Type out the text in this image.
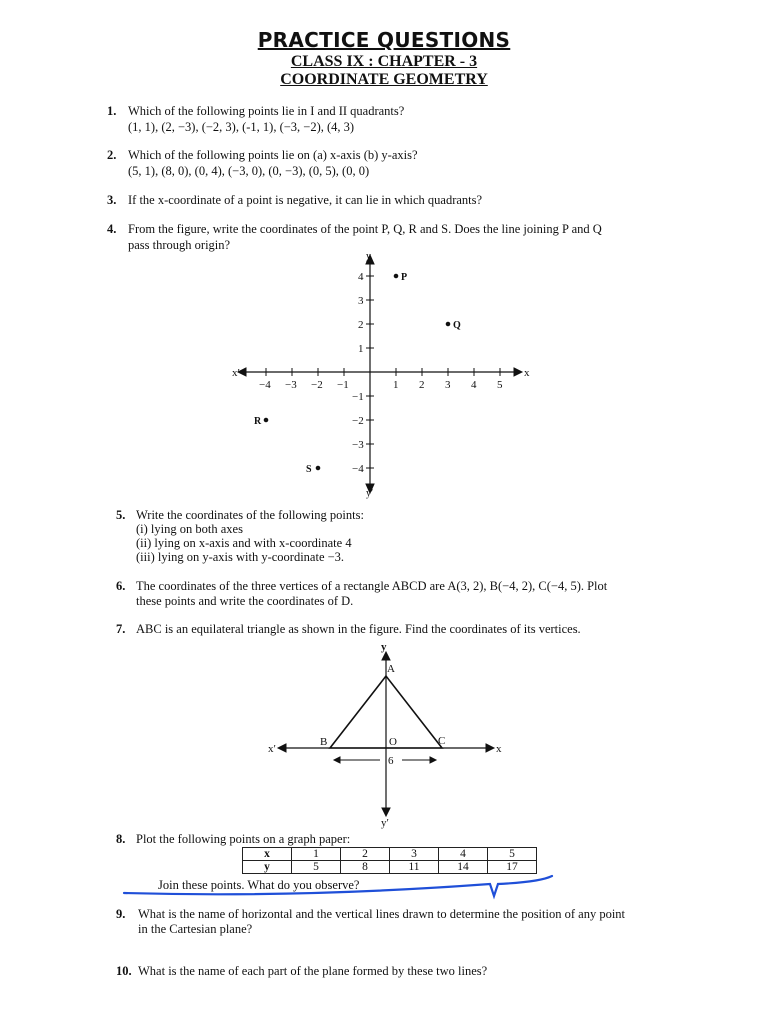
PRACTICE QUESTIONS
CLASS IX : CHAPTER - 3
COORDINATE GEOMETRY
1. Which of the following points lie in I and II quadrants?
(1, 1), (2, −3), (−2, 3), (-1, 1), (−3, −2), (4, 3)
2. Which of the following points lie on (a) x-axis (b) y-axis?
(5, 1), (8, 0), (0, 4), (−3, 0), (0, −3), (0, 5), (0, 0)
3. If the x-coordinate of a point is negative, it can lie in which quadrants?
4. From the figure, write the coordinates of the point P, Q, R and S. Does the line joining P and Q
pass through origin?
−4 −3 −2 −1	1 2 3 4 5
4
3
2
1
−1
−2
−3
−4
P
Q
R
S
x
x′
y
y′
A
B	C
O
6
x
x′
y
y′
5. Write the coordinates of the following points:
(i) lying on both axes
(ii) lying on x-axis and with x-coordinate 4
(iii) lying on y-axis with y-coordinate −3.
6. The coordinates of the three vertices of a rectangle ABCD are A(3, 2), B(−4, 2), C(−4, 5). Plot
these points and write the coordinates of D.
7. ABC is an equilateral triangle as shown in the figure. Find the coordinates of its vertices.
8. Plot the following points on a graph paper:
x	1	2	3	4	5
y	5	8	11	14	17
Join these points. What do you observe?
9. What is the name of horizontal and the vertical lines drawn to determine the position of any point
in the Cartesian plane?
10. What is the name of each part of the plane formed by these two lines?
